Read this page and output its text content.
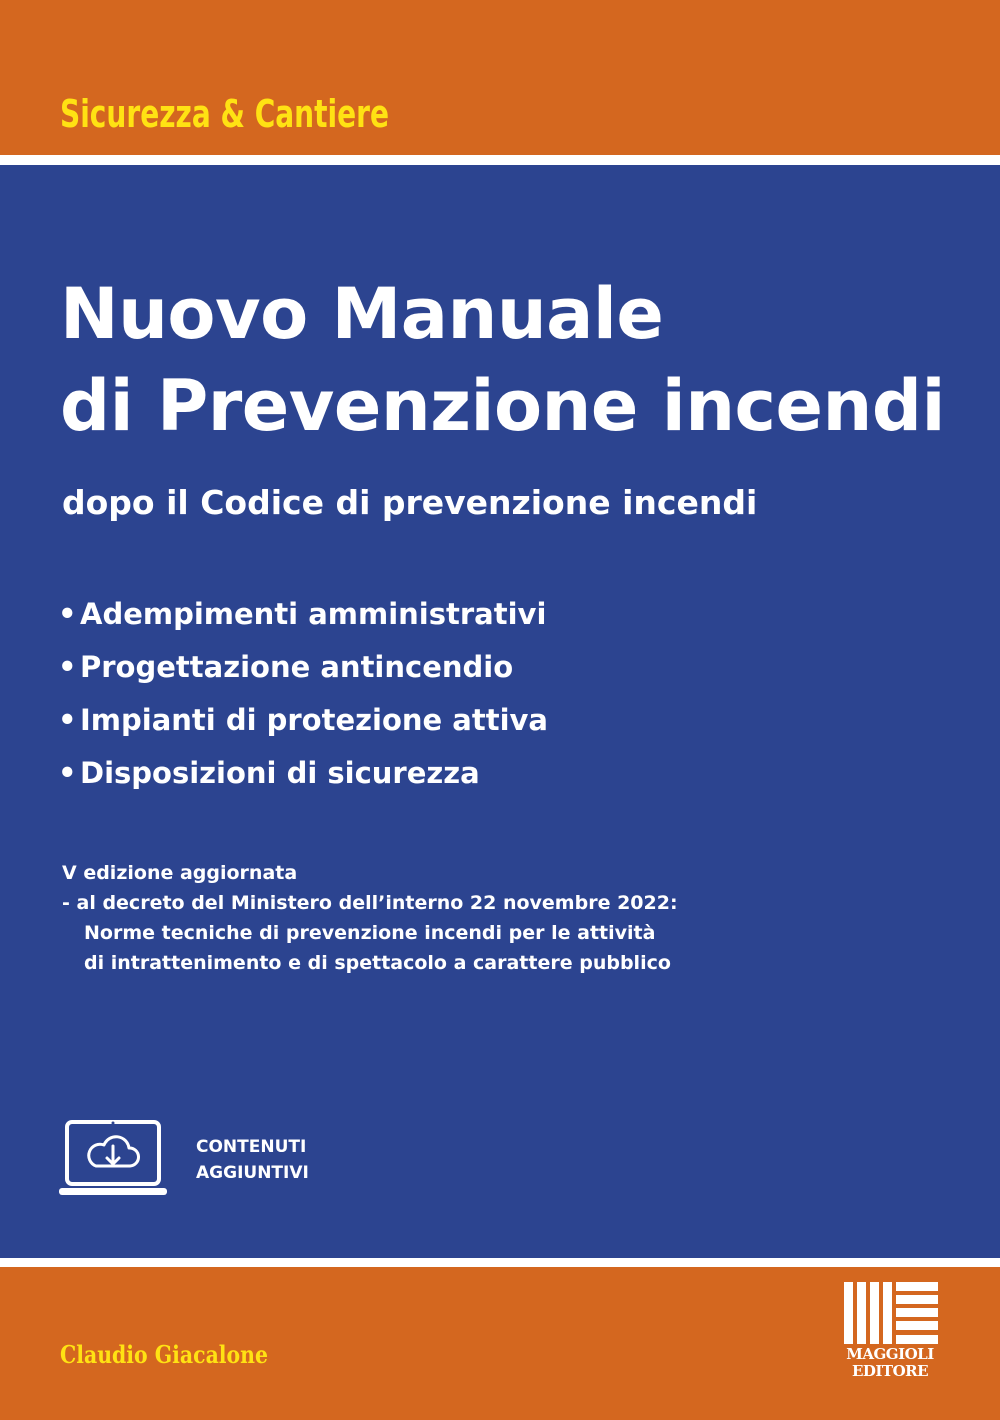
Sicurezza & Cantiere
Nuovo Manuale
di Prevenzione incendi

dopo il Codice di prevenzione incendi

• Adempimenti amministrativi
• Progettazione antincendio
• Impianti di protezione attiva
• Disposizioni di sicurezza
V edizione aggiornata
- al decreto del Ministero dell’interno 22 novembre 2022:
Norme tecniche di prevenzione incendi per le attività
di intrattenimento e di spettacolo a carattere pubblico
CONTENUTI
AGGIUNTIVI
Claudio Giacalone	MAGGIOLI
EDITORE
